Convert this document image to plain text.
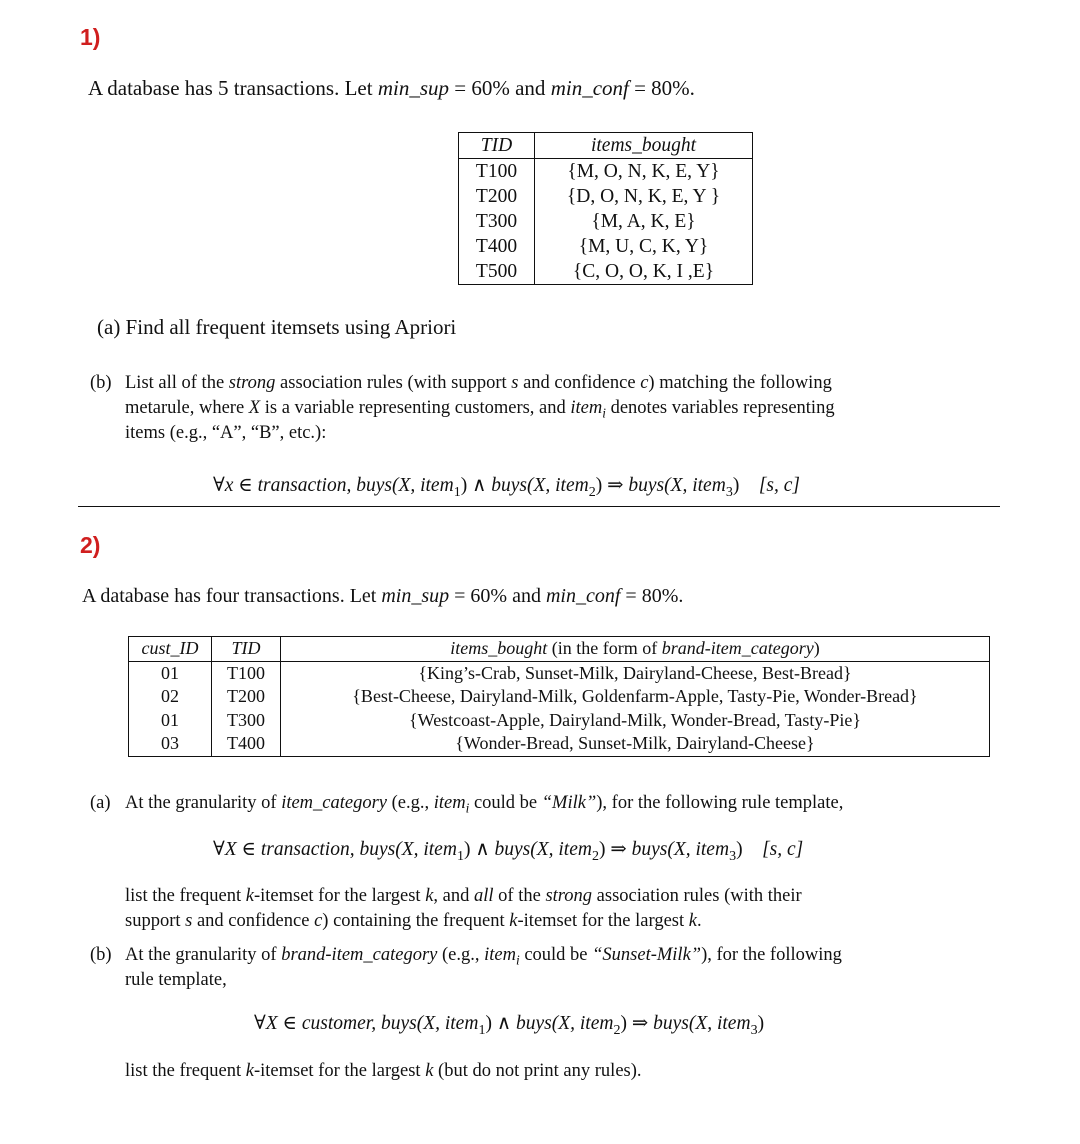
1)
A database has 5 transactions. Let min_sup = 60% and min_conf = 80%.
TID	items_bought
T100	{M, O, N, K, E, Y}
T200	{D, O, N, K, E, Y }
T300	{M, A, K, E}
T400	{M, U, C, K, Y}
T500	{C, O, O, K, I ,E}
(a) Find all frequent itemsets using Apriori
(b) List all of the strong association rules (with support s and confidence c) matching the following
metarule, where X is a variable representing customers, and item$_i$ denotes variables representing
items (e.g., “A”, “B”, etc.):
∀x ∈ transaction, buys(X, item$_1$) ∧ buys(X, item$_2$) ⇒ buys(X, item$_3$) [s, c]
2)
A database has four transactions. Let min_sup = 60% and min_conf = 80%.
cust_ID	TID	items_bought (in the form of brand-item_category)
01	T100	{King’s-Crab, Sunset-Milk, Dairyland-Cheese, Best-Bread}
02	T200	{Best-Cheese, Dairyland-Milk, Goldenfarm-Apple, Tasty-Pie, Wonder-Bread}
01	T300	{Westcoast-Apple, Dairyland-Milk, Wonder-Bread, Tasty-Pie}
03	T400	{Wonder-Bread, Sunset-Milk, Dairyland-Cheese}
(a) At the granularity of item_category (e.g., item$_i$ could be “Milk”), for the following rule template,
∀X ∈ transaction, buys(X, item$_1$) ∧ buys(X, item$_2$) ⇒ buys(X, item$_3$) [s, c]
list the frequent k-itemset for the largest k, and all of the strong association rules (with their
support s and confidence c) containing the frequent k-itemset for the largest k.
(b) At the granularity of brand-item_category (e.g., item$_i$ could be “Sunset-Milk”), for the following
rule template,
∀X ∈ customer, buys(X, item$_1$) ∧ buys(X, item$_2$) ⇒ buys(X, item$_3$)
list the frequent k-itemset for the largest k (but do not print any rules).
